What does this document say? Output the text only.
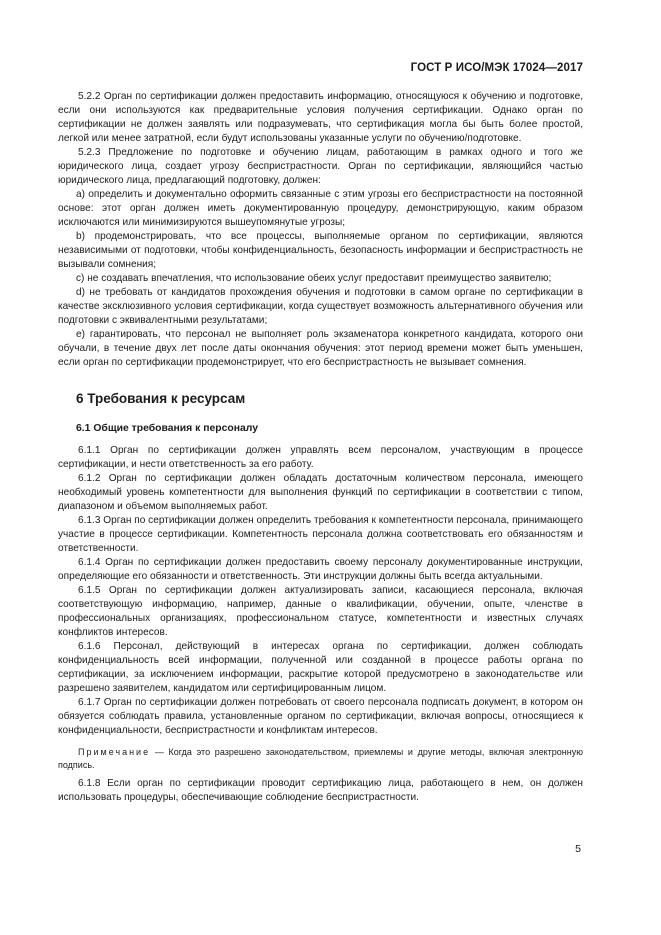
ГОСТ Р ИСО/МЭК 17024—2017

5.2.2 Орган по сертификации должен предоставить информацию, относящуюся к обучению и подготовке, если они используются как предварительные условия получения сертификации. Однако орган по сертификации не должен заявлять или подразумевать, что сертификация могла бы быть более простой, легкой или менее затратной, если будут использованы указанные услуги по обучению/подготовке.

5.2.3 Предложение по подготовке и обучению лицам, работающим в рамках одного и того же юридического лица, создает угрозу беспристрастности. Орган по сертификации, являющийся частью юридического лица, предлагающий подготовку, должен:

a) определить и документально оформить связанные с этим угрозы его беспристрастности на постоянной основе: этот орган должен иметь документированную процедуру, демонстрирующую, каким образом исключаются или минимизируются вышеупомянутые угрозы;

b) продемонстрировать, что все процессы, выполняемые органом по сертификации, являются независимыми от подготовки, чтобы конфиденциальность, безопасность информации и беспристрастность не вызывали сомнения;

c) не создавать впечатления, что использование обеих услуг предоставит преимущество заявителю;

d) не требовать от кандидатов прохождения обучения и подготовки в самом органе по сертификации в качестве эксклюзивного условия сертификации, когда существует возможность альтернативного обучения или подготовки с эквивалентными результатами;

e) гарантировать, что персонал не выполняет роль экзаменатора конкретного кандидата, которого они обучали, в течение двух лет после даты окончания обучения: этот период времени может быть уменьшен, если орган по сертификации продемонстрирует, что его беспристрастность не вызывает сомнения.

6 Требования к ресурсам
6.1 Общие требования к персоналу

6.1.1 Орган по сертификации должен управлять всем персоналом, участвующим в процессе сертификации, и нести ответственность за его работу.

6.1.2 Орган по сертификации должен обладать достаточным количеством персонала, имеющего необходимый уровень компетентности для выполнения функций по сертификации в соответствии с типом, диапазоном и объемом выполняемых работ.

6.1.3 Орган по сертификации должен определить требования к компетентности персонала, принимающего участие в процессе сертификации. Компетентность персонала должна соответствовать его обязанностям и ответственности.

6.1.4 Орган по сертификации должен предоставить своему персоналу документированные инструкции, определяющие его обязанности и ответственность. Эти инструкции должны быть всегда актуальными.

6.1.5 Орган по сертификации должен актуализировать записи, касающиеся персонала, включая соответствующую информацию, например, данные о квалификации, обучении, опыте, членстве в профессиональных организациях, профессиональном статусе, компетентности и известных случаях конфликтов интересов.

6.1.6 Персонал, действующий в интересах органа по сертификации, должен соблюдать конфиденциальность всей информации, полученной или созданной в процессе работы органа по сертификации, за исключением информации, раскрытие которой предусмотрено в законодательстве или разрешено заявителем, кандидатом или сертифицированным лицом.

6.1.7 Орган по сертификации должен потребовать от своего персонала подписать документ, в котором он обязуется соблюдать правила, установленные органом по сертификации, включая вопросы, относящиеся к конфиденциальности, беспристрастности и конфликтам интересов.

Примечание — Когда это разрешено законодательством, приемлемы и другие методы, включая электронную подпись.

6.1.8 Если орган по сертификации проводит сертификацию лица, работающего в нем, он должен использовать процедуры, обеспечивающие соблюдение беспристрастности.

5
